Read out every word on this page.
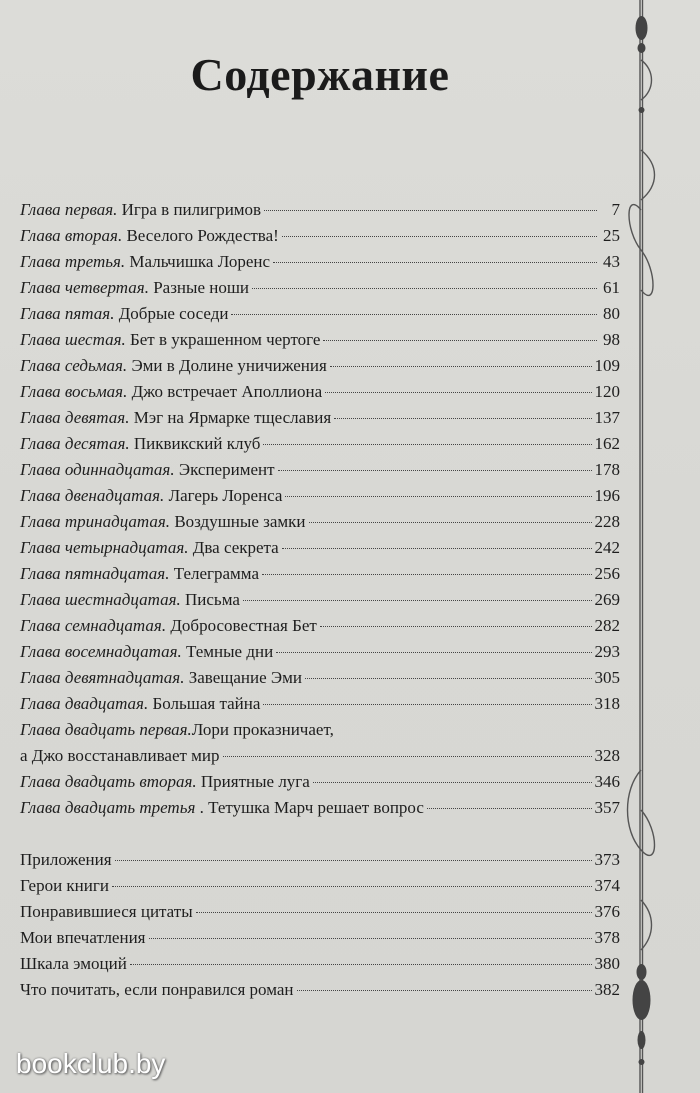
Содержание
Глава первая. Игра в пилигримов	7
Глава вторая. Веселого Рождества!	25
Глава третья. Мальчишка Лоренс	43
Глава четвертая. Разные ноши	61
Глава пятая. Добрые соседи	80
Глава шестая. Бет в украшенном чертоге	98
Глава седьмая. Эми в Долине уничижения	109
Глава восьмая. Джо встречает Аполлиона	120
Глава девятая. Мэг на Ярмарке тщеславия	137
Глава десятая. Пиквикский клуб	162
Глава одиннадцатая. Эксперимент	178
Глава двенадцатая. Лагерь Лоренса	196
Глава тринадцатая. Воздушные замки	228
Глава четырнадцатая. Два секрета	242
Глава пятнадцатая. Телеграмма	256
Глава шестнадцатая. Письма	269
Глава семнадцатая. Добросовестная Бет	282
Глава восемнадцатая. Темные дни	293
Глава девятнадцатая. Завещание Эми	305
Глава двадцатая. Большая тайна	318
Глава двадцать первая. Лори проказничает,
а Джо восстанавливает мир	328
Глава двадцать вторая. Приятные луга	346
Глава двадцать третья . Тетушка Марч решает вопрос	357
Приложения	373
Герои книги	374
Понравившиеся цитаты	376
Мои впечатления	378
Шкала эмоций	380
Что почитать, если понравился роман	382
bookclub.by
